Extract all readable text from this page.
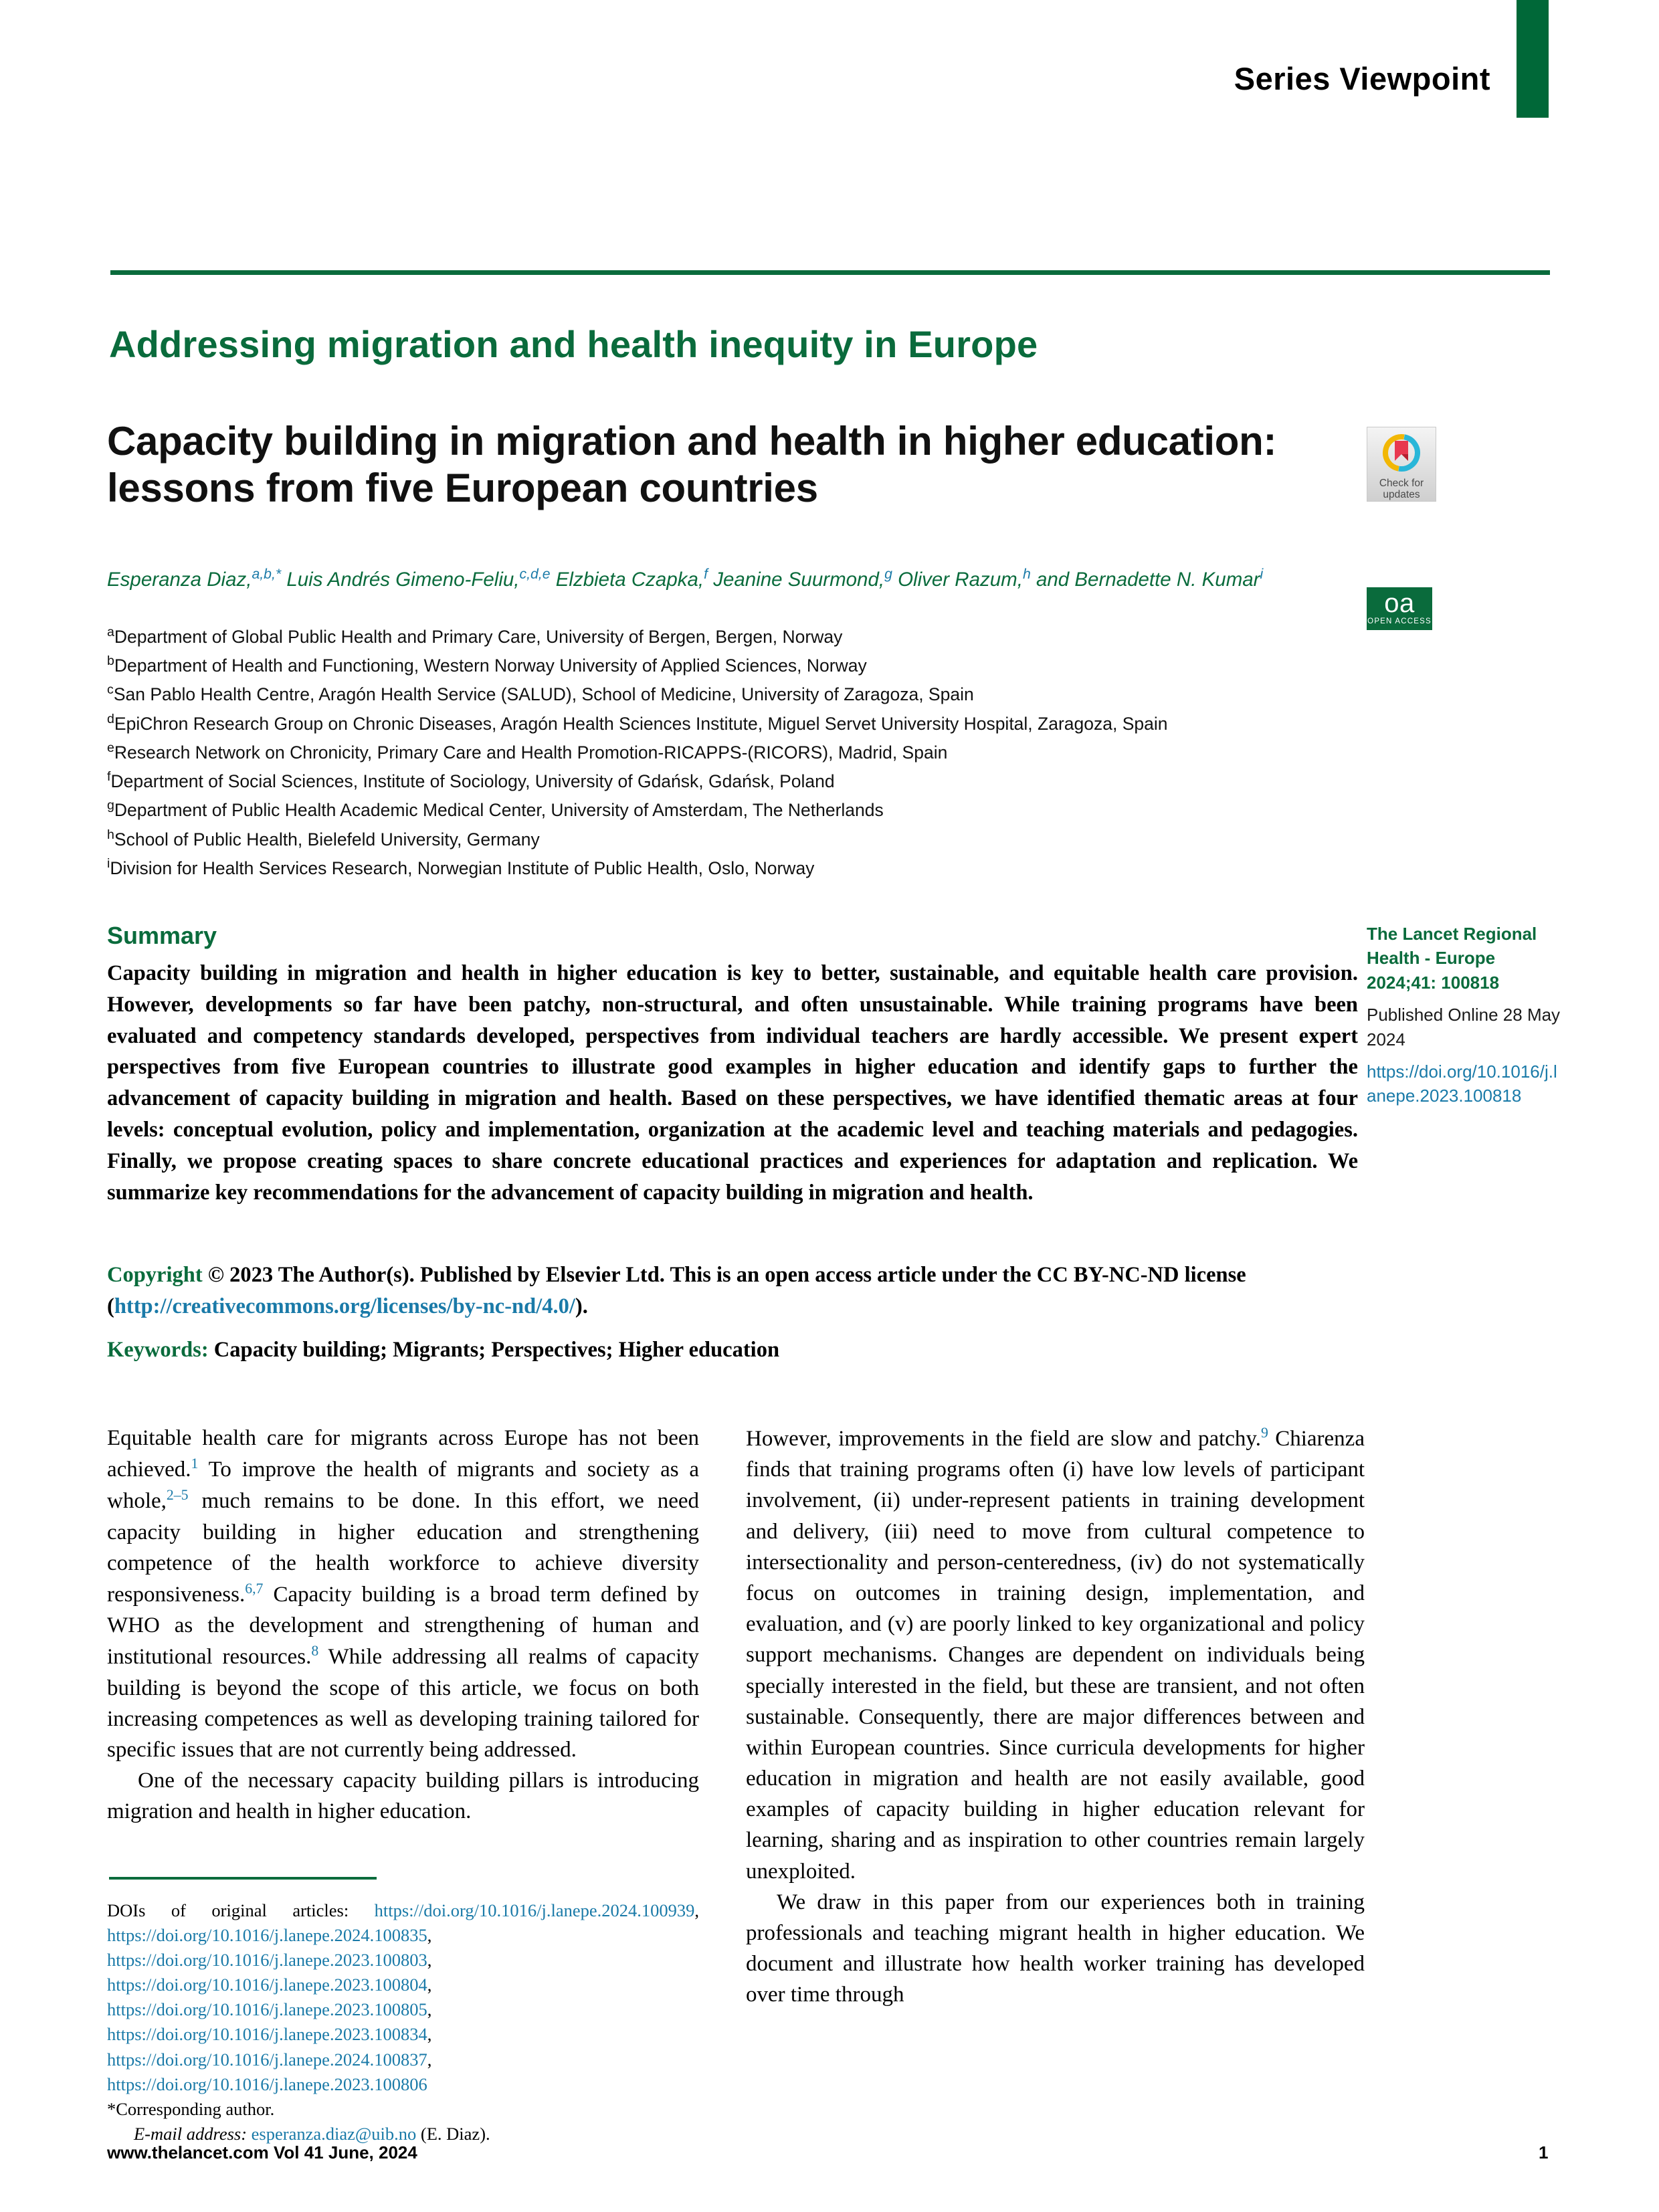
Series Viewpoint
Addressing migration and health inequity in Europe
Capacity building in migration and health in higher education: lessons from five European countries
Esperanza Diaz,$^{a,b,*}$ Luis Andrés Gimeno-Feliu,$^{c,d,e}$ Elzbieta Czapka,$^f$ Jeanine Suurmond,$^g$ Oliver Razum,$^h$ and Bernadette N. Kumar$^i$
$^a$Department of Global Public Health and Primary Care, University of Bergen, Bergen, Norway
$^b$Department of Health and Functioning, Western Norway University of Applied Sciences, Norway
$^c$San Pablo Health Centre, Aragón Health Service (SALUD), School of Medicine, University of Zaragoza, Spain
$^d$EpiChron Research Group on Chronic Diseases, Aragón Health Sciences Institute, Miguel Servet University Hospital, Zaragoza, Spain
$^e$Research Network on Chronicity, Primary Care and Health Promotion-RICAPPS-(RICORS), Madrid, Spain
$^f$Department of Social Sciences, Institute of Sociology, University of Gdańsk, Gdańsk, Poland
$^g$Department of Public Health Academic Medical Center, University of Amsterdam, The Netherlands
$^h$School of Public Health, Bielefeld University, Germany
$^i$Division for Health Services Research, Norwegian Institute of Public Health, Oslo, Norway
Summary
Capacity building in migration and health in higher education is key to better, sustainable, and equitable health care provision. However, developments so far have been patchy, non-structural, and often unsustainable. While training programs have been evaluated and competency standards developed, perspectives from individual teachers are hardly accessible. We present expert perspectives from five European countries to illustrate good examples in higher education and identify gaps to further the advancement of capacity building in migration and health. Based on these perspectives, we have identified thematic areas at four levels: conceptual evolution, policy and implementation, organization at the academic level and teaching materials and pedagogies. Finally, we propose creating spaces to share concrete educational practices and experiences for adaptation and replication. We summarize key recommendations for the advancement of capacity building in migration and health.
Copyright © 2023 The Author(s). Published by Elsevier Ltd. This is an open access article under the CC BY-NC-ND license (http://creativecommons.org/licenses/by-nc-nd/4.0/).
Keywords: Capacity building; Migrants; Perspectives; Higher education
Check for
updates
oa
OPEN ACCESS
The Lancet Regional Health - Europe 2024;41: 100818
Published Online 28 May 2024
https://doi.org/10.1016/j.lanepe.2023.100818

Equitable health care for migrants across Europe has not been achieved.$^1$ To improve the health of migrants and society as a whole,$^{2-5}$ much remains to be done. In this effort, we need capacity building in higher education and strengthening competence of the health workforce to achieve diversity responsiveness.$^{6,7}$ Capacity building is a broad term defined by WHO as the development and strengthening of human and institutional resources.$^8$ While addressing all realms of capacity building is beyond the scope of this article, we focus on both increasing competences as well as developing training tailored for specific issues that are not currently being addressed.

One of the necessary capacity building pillars is introducing migration and health in higher education.

However, improvements in the field are slow and patchy.$^9$ Chiarenza finds that training programs often (i) have low levels of participant involvement, (ii) under-represent patients in training development and delivery, (iii) need to move from cultural competence to intersectionality and person-centeredness, (iv) do not systematically focus on outcomes in training design, implementation, and evaluation, and (v) are poorly linked to key organizational and policy support mechanisms. Changes are dependent on individuals being specially interested in the field, but these are transient, and not often sustainable. Consequently, there are major differences between and within European countries. Since curricula developments for higher education in migration and health are not easily available, good examples of capacity building in higher education relevant for learning, sharing and as inspiration to other countries remain largely unexploited.

We draw in this paper from our experiences both in training professionals and teaching migrant health in higher education. We document and illustrate how health worker training has developed over time through

DOIs of original articles: https://doi.org/10.1016/j.lanepe.2024.100939, https://doi.org/10.1016/j.lanepe.2024.100835, https://doi.org/10.1016/j.lanepe.2023.100803, https://doi.org/10.1016/j.lanepe.2023.100804, https://doi.org/10.1016/j.lanepe.2023.100805, https://doi.org/10.1016/j.lanepe.2023.100834, https://doi.org/10.1016/j.lanepe.2024.100837, https://doi.org/10.1016/j.lanepe.2023.100806
*Corresponding author.
E-mail address: esperanza.diaz@uib.no (E. Diaz).
www.thelancet.com Vol 41 June, 2024	1
